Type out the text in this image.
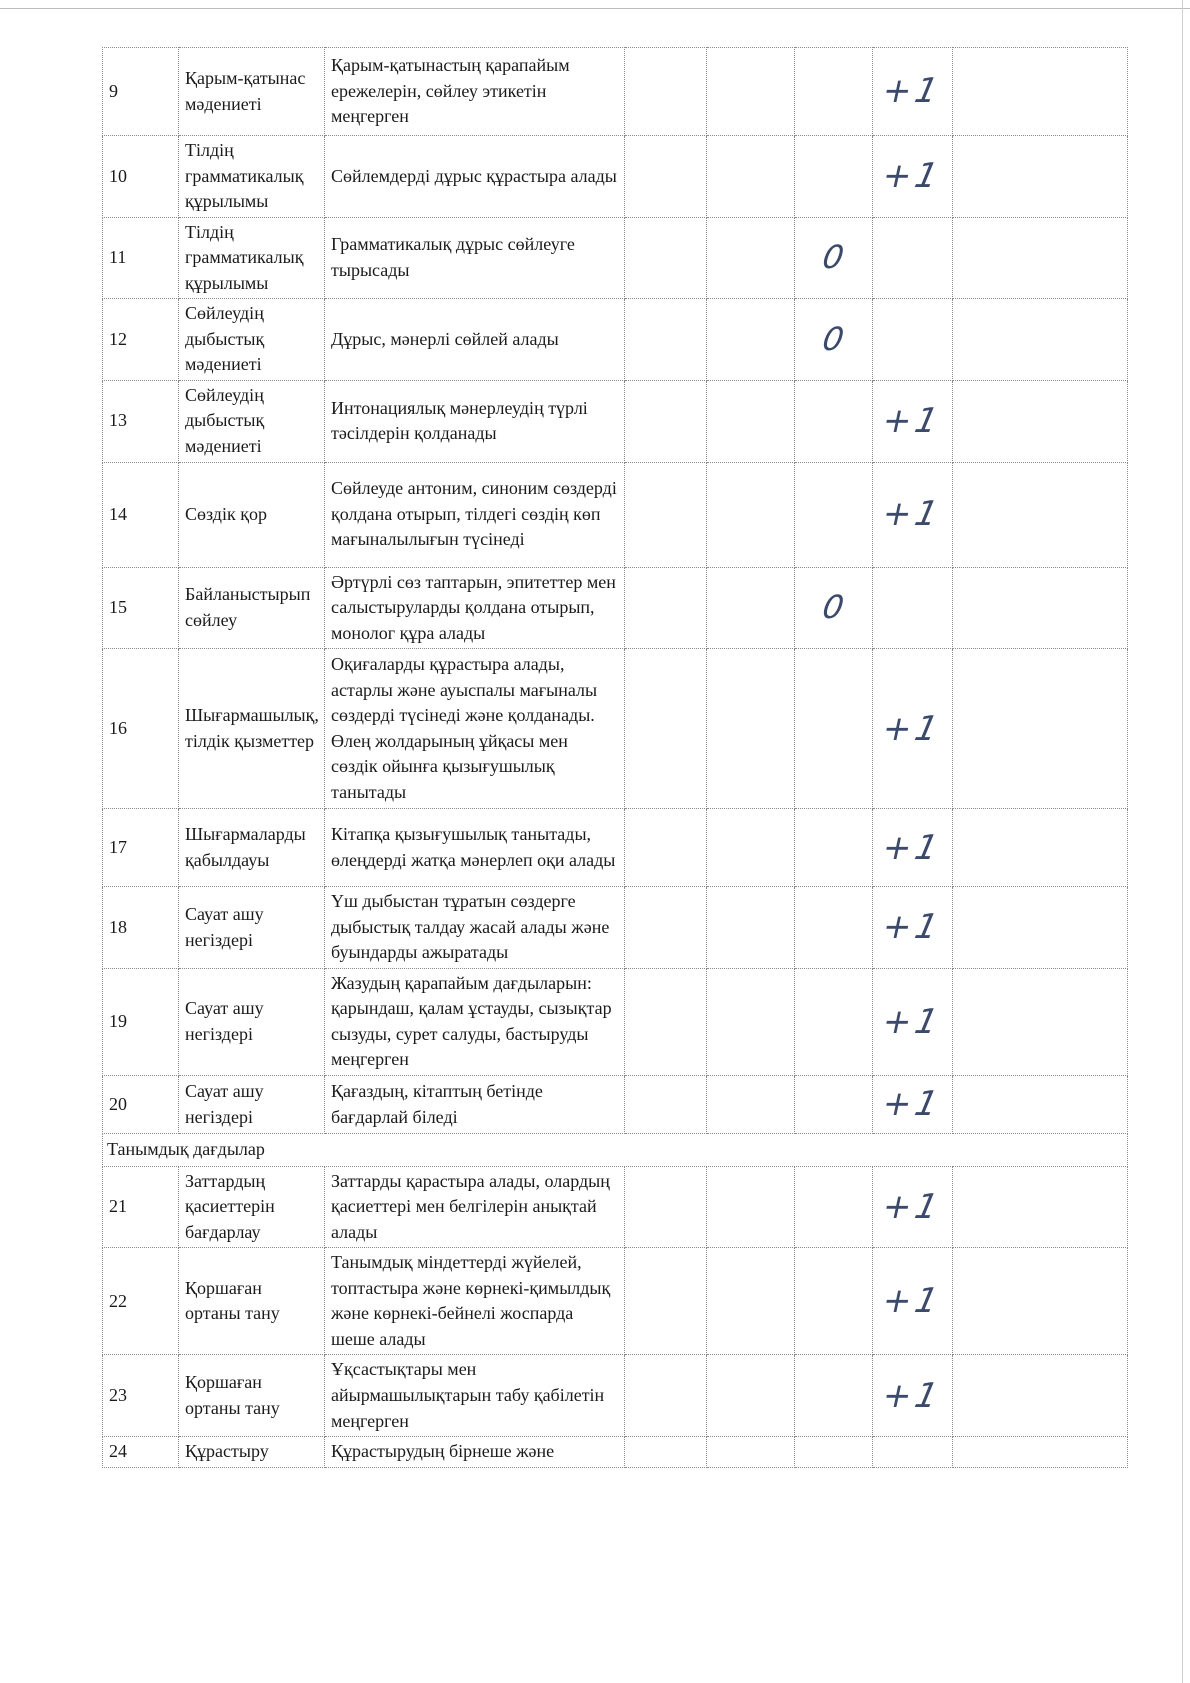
9	Қарым-қатынас мәдениеті	Қарым-қатынастың қарапайым ережелерін, сөйлеу этикетін меңгерген				+1	
10	Тілдің грамматикалық құрылымы	Сөйлемдерді дұрыс құрастыра алады				+1	
11	Тілдің грамматикалық құрылымы	Грамматикалық дұрыс сөйлеуге тырысады			0		
12	Сөйлеудің дыбыстық мәдениеті	Дұрыс, мәнерлі сөйлей алады			0		
13	Сөйлеудің дыбыстық мәдениеті	Интонациялық мәнерлеудің түрлі тәсілдерін қолданады				+1	
14	Сөздік қор	Сөйлеуде антоним, синоним сөздерді қолдана отырып, тілдегі сөздің көп мағыналылығын түсінеді				+1	
15	Байланыстырып сөйлеу	Әртүрлі сөз таптарын, эпитеттер мен салыстыруларды қолдана отырып, монолог құра алады			0		
16	Шығармашылық, тілдік қызметтер	Оқиғаларды құрастыра алады, астарлы және ауыспалы мағыналы сөздерді түсінеді және қолданады. Өлең жолдарының ұйқасы мен сөздік ойынға қызығушылық танытады				+1	
17	Шығармаларды қабылдауы	Кітапқа қызығушылық танытады, өлеңдерді жатқа мәнерлеп оқи алады				+1	
18	Сауат ашу негіздері	Үш дыбыстан тұратын сөздерге дыбыстық талдау жасай алады және буындарды ажыратады				+1	
19	Сауат ашу негіздері	Жазудың қарапайым дағдыларын: қарындаш, қалам ұстауды, сызықтар сызуды, сурет салуды, бастыруды меңгерген				+1	
20	Сауат ашу негіздері	Қағаздың, кітаптың бетінде бағдарлай біледі				+1	
Танымдық дағдылар							
21	Заттардың қасиеттерін бағдарлау	Заттарды қарастыра алады, олардың қасиеттері мен белгілерін анықтай алады				+1	
22	Қоршаған ортаны тану	Танымдық міндеттерді жүйелей, топтастыра және көрнекі-қимылдық және көрнекі-бейнелі жоспарда шеше алады				+1	
23	Қоршаған ортаны тану	Ұқсастықтары мен айырмашылықтарын табу қабілетін меңгерген				+1	
24	Құрастыру	Құрастырудың бірнеше және					
